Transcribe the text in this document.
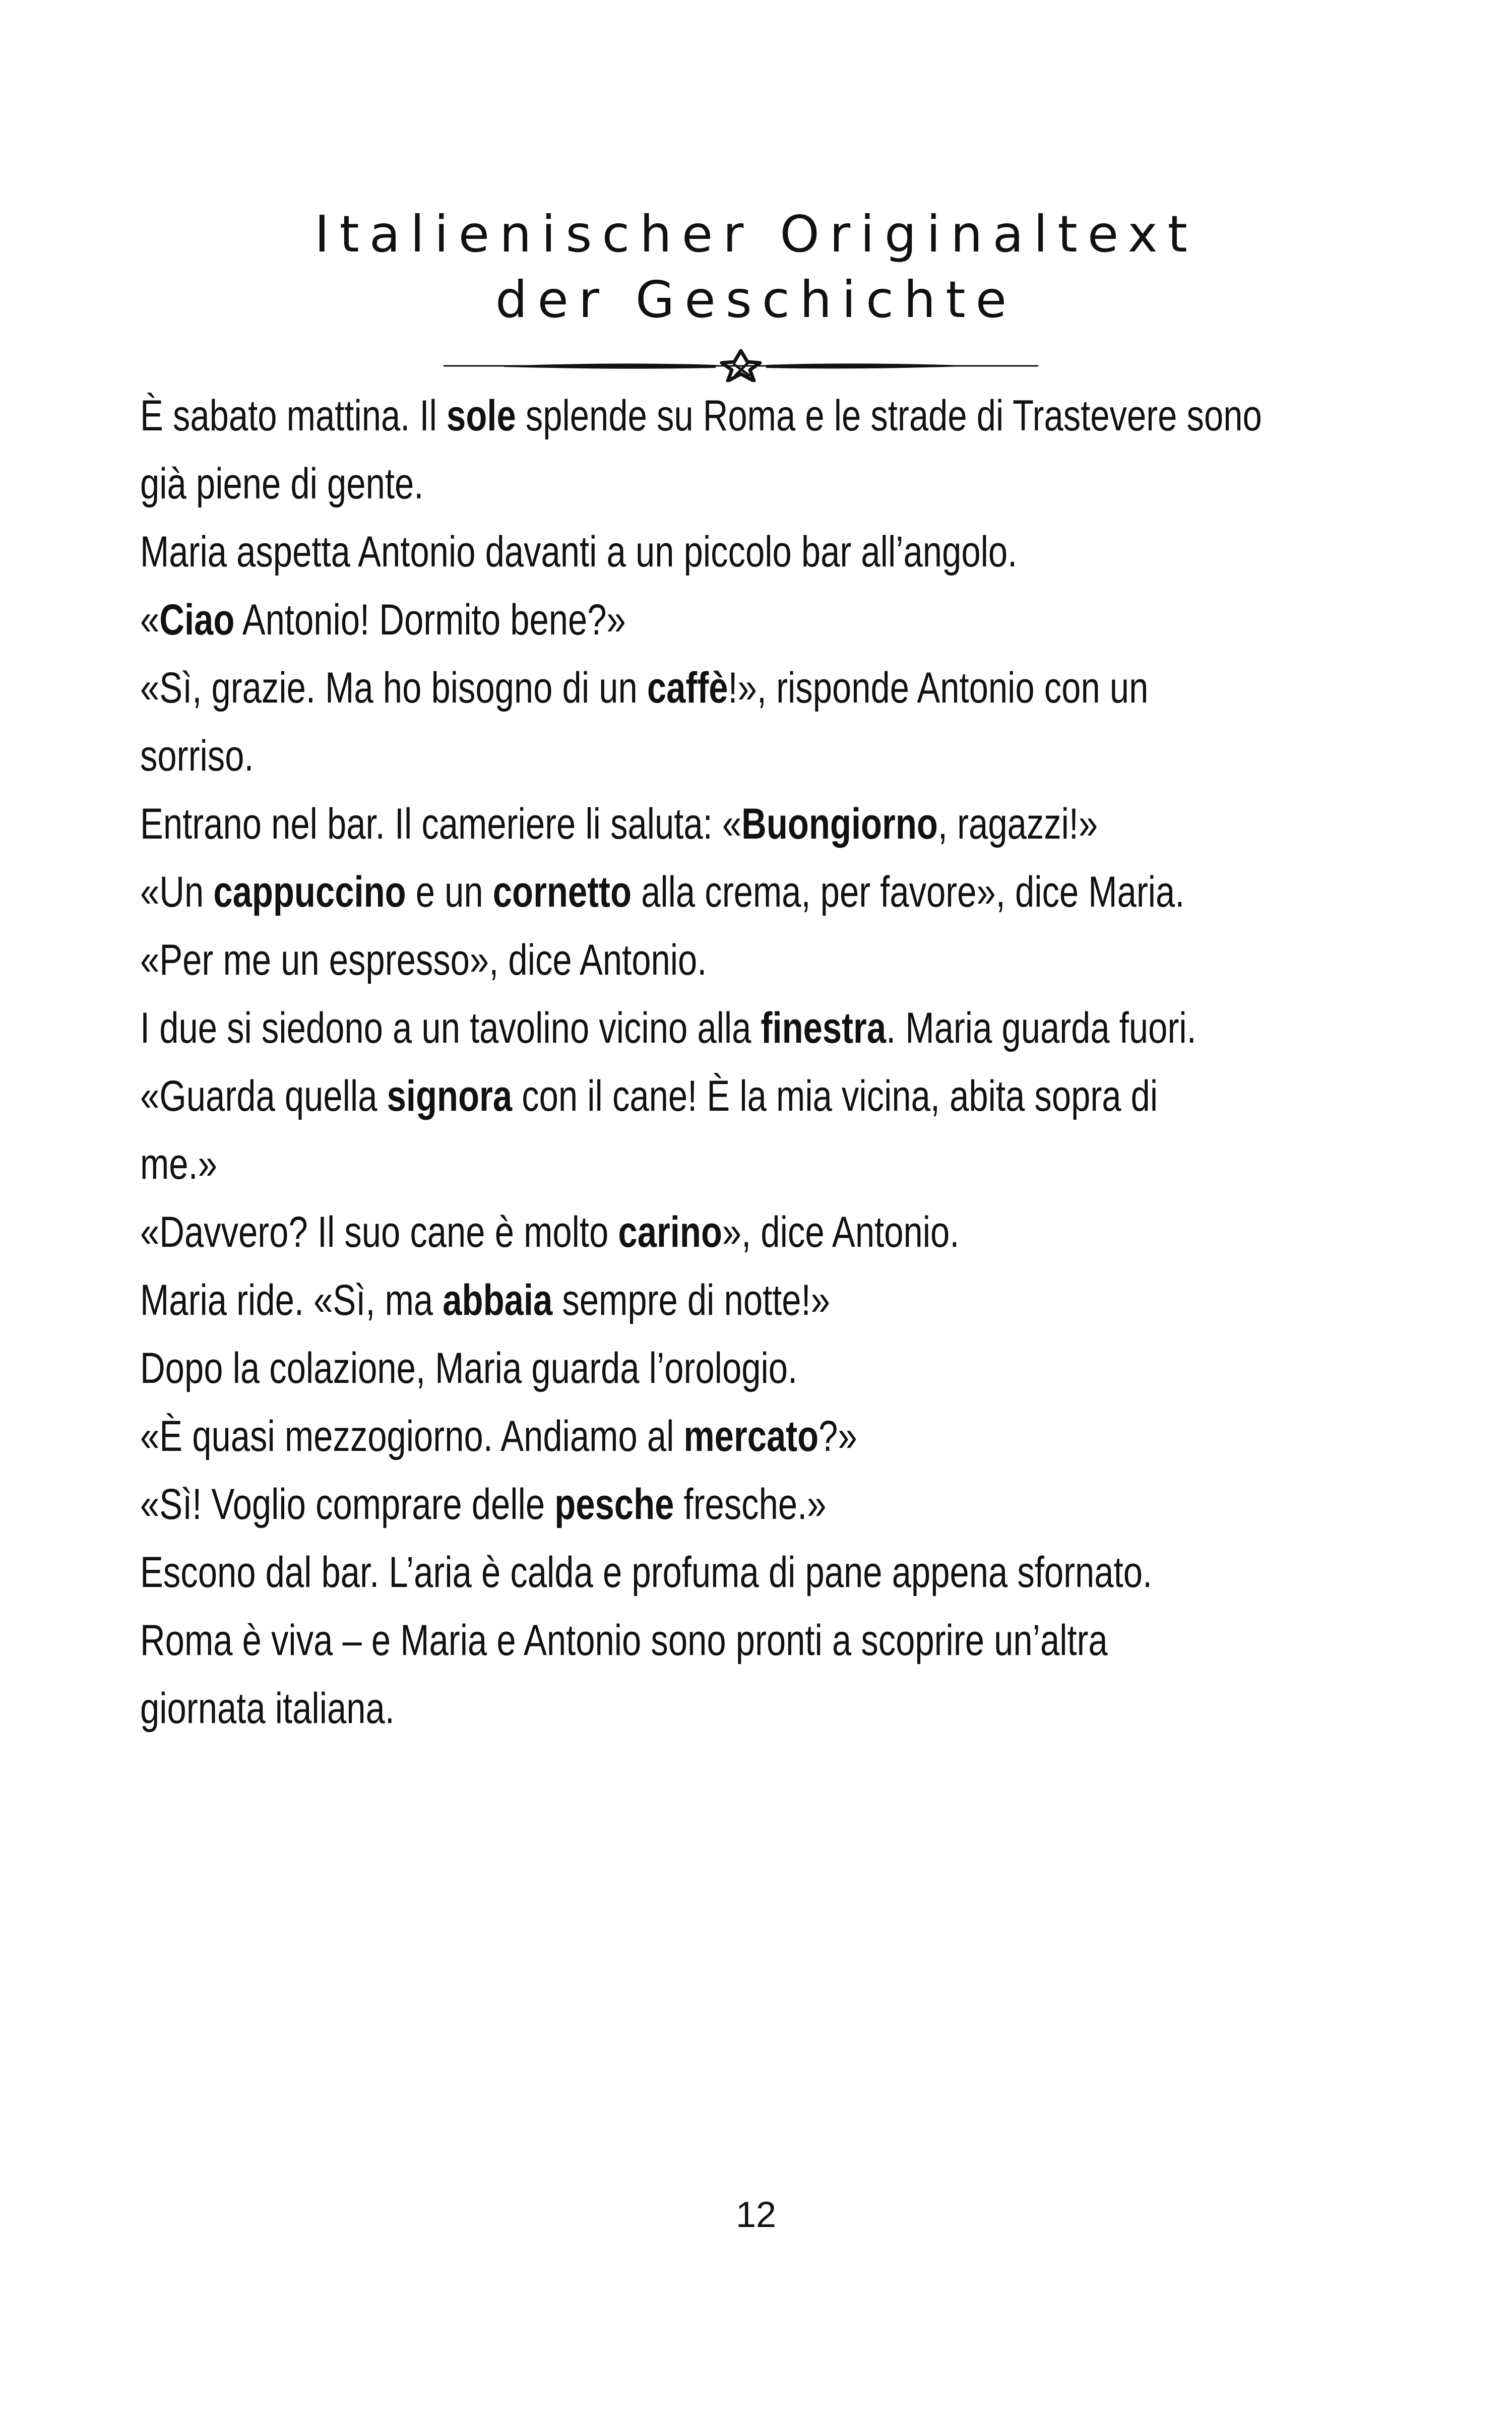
Italienischer Originaltext
der Geschichte
È sabato mattina. Il sole splende su Roma e le strade di Trastevere sono
già piene di gente.
Maria aspetta Antonio davanti a un piccolo bar all’angolo.
«Ciao Antonio! Dormito bene?»
«Sì, grazie. Ma ho bisogno di un caffè!», risponde Antonio con un
sorriso.
Entrano nel bar. Il cameriere li saluta: «Buongiorno, ragazzi!»
«Un cappuccino e un cornetto alla crema, per favore», dice Maria.
«Per me un espresso», dice Antonio.
I due si siedono a un tavolino vicino alla finestra. Maria guarda fuori.
«Guarda quella signora con il cane! È la mia vicina, abita sopra di
me.»
«Davvero? Il suo cane è molto carino», dice Antonio.
Maria ride. «Sì, ma abbaia sempre di notte!»
Dopo la colazione, Maria guarda l’orologio.
«È quasi mezzogiorno. Andiamo al mercato?»
«Sì! Voglio comprare delle pesche fresche.»
Escono dal bar. L’aria è calda e profuma di pane appena sfornato.
Roma è viva – e Maria e Antonio sono pronti a scoprire un’altra
giornata italiana.
12
